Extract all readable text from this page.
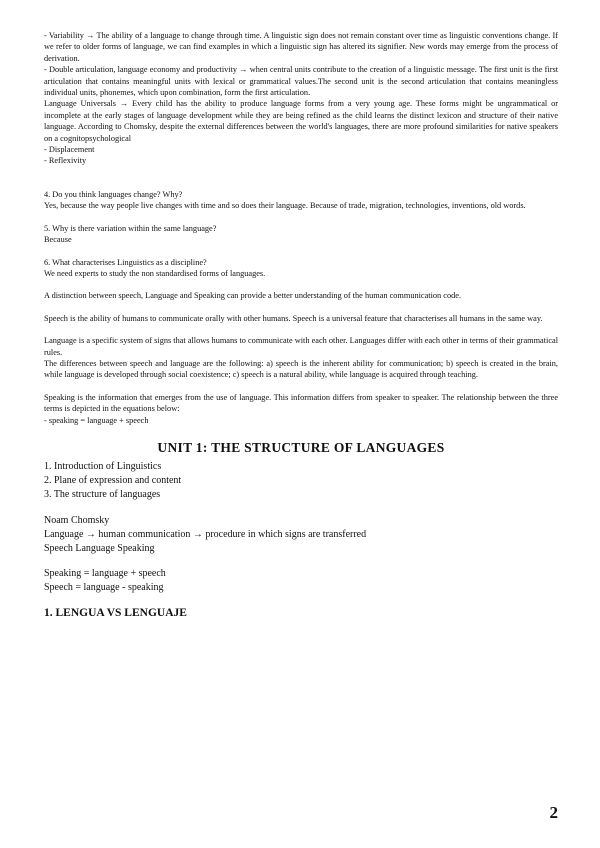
- Variability → The ability of a language to change through time. A linguistic sign does not remain constant over time as linguistic conventions change. If we refer to older forms of language, we can find examples in which a linguistic sign has altered its signifier. New words may emerge from the process of derivation.

- Double articulation, language economy and productivity → when central units contribute to the creation of a linguistic message. The first unit is the first articulation that contains meaningful units with lexical or grammatical values.The second unit is the second articulation that contains meaningless individual units, phonemes, which upon combination, form the first articulation.

Language Universals → Every child has the ability to produce language forms from a very young age. These forms might be ungrammatical or incomplete at the early stages of language development while they are being refined as the child learns the distinct lexicon and structure of their native language. According to Chomsky, despite the external differences between the world's languages, there are more profound similarities for native speakers on a cognitopsychological

- Displacement

- Reflexivity

4. Do you think languages change? Why?

Yes, because the way people live changes with time and so does their language. Because of trade, migration, technologies, inventions, old words.

5. Why is there variation within the same language?

Because

6. What characterises Linguistics as a discipline?

We need experts to study the non standardised forms of languages.

A distinction between speech, Language and Speaking can provide a better understanding of the human communication code.

Speech is the ability of humans to communicate orally with other humans. Speech is a universal feature that characterises all humans in the same way.

Language is a specific system of signs that allows humans to communicate with each other. Languages differ with each other in terms of their grammatical rules.

The differences between speech and language are the following: a) speech is the inherent ability for communication; b) speech is created in the brain, while language is developed through social coexistence; c) speech is a natural ability, while language is acquired through teaching.

Speaking is the information that emerges from the use of language. This information differs from speaker to speaker. The relationship between the three terms is depicted in the equations below:

- speaking = language + speech

UNIT 1: THE STRUCTURE OF LANGUAGES

1. Introduction of Linguistics

2. Plane of expression and content

3. The structure of languages

Noam Chomsky

Language → human communication → procedure in which signs are transferred

Speech Language Speaking

Speaking = language + speech

Speech = language - speaking

1. LENGUA VS LENGUAJE

2
